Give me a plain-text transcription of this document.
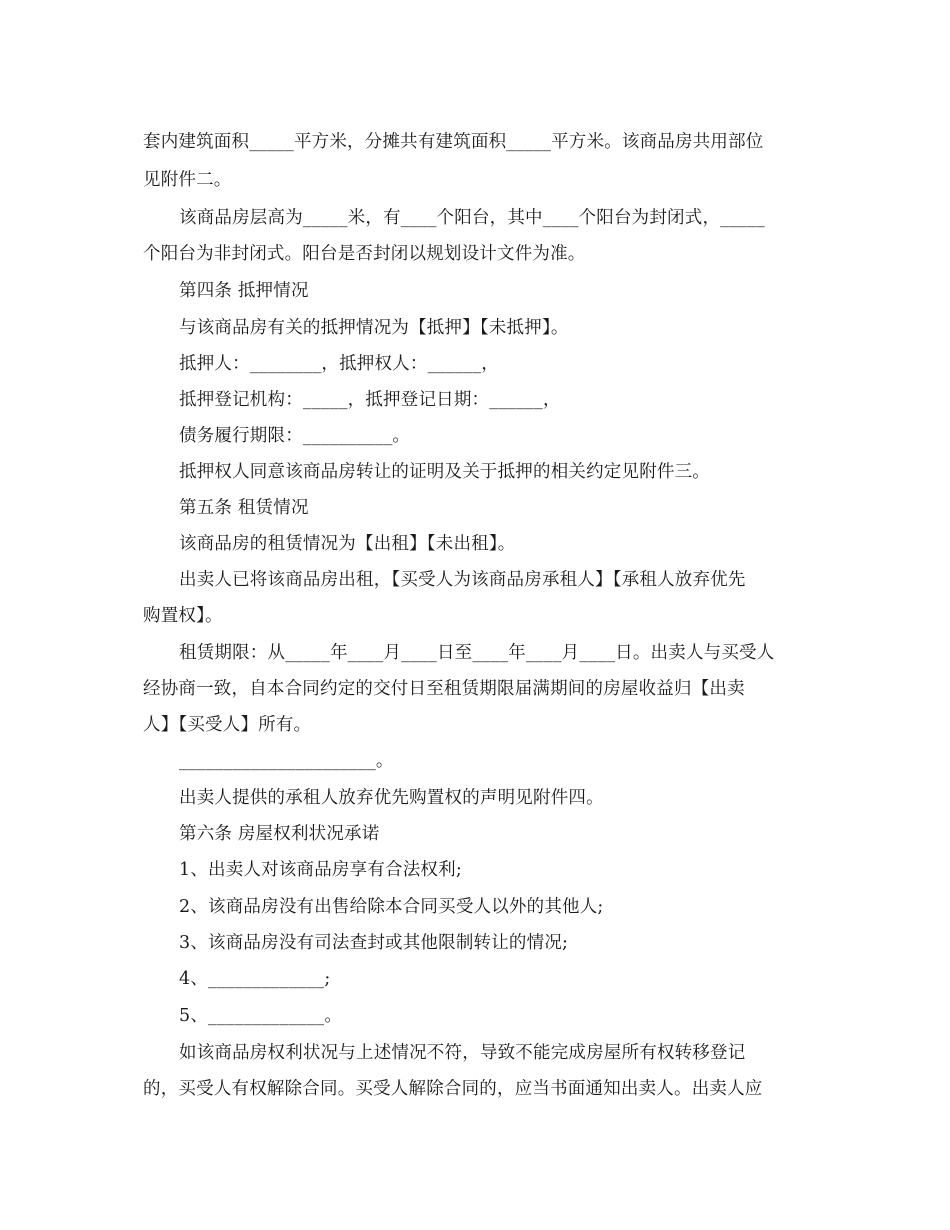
套内建筑面积_____平方米，分摊共有建筑面积_____平方米。该商品房共用部位
见附件二。
该商品房层高为_____米，有____个阳台，其中____个阳台为封闭式，_____
个阳台为非封闭式。阳台是否封闭以规划设计文件为准。
第四条 抵押情况
与该商品房有关的抵押情况为【抵押】【未抵押】。
抵押人：________，抵押权人：______，
抵押登记机构：_____，抵押登记日期：______，
债务履行期限：__________。
抵押权人同意该商品房转让的证明及关于抵押的相关约定见附件三。
第五条 租赁情况
该商品房的租赁情况为【出租】【未出租】。
出卖人已将该商品房出租，【买受人为该商品房承租人】【承租人放弃优先
购置权】。
租赁期限：从_____年____月____日至____年____月____日。出卖人与买受人
经协商一致，自本合同约定的交付日至租赁期限届满期间的房屋收益归【出卖
人】【买受人】所有。
______________________。
出卖人提供的承租人放弃优先购置权的声明见附件四。
第六条 房屋权利状况承诺
1、出卖人对该商品房享有合法权利;
2、该商品房没有出售给除本合同买受人以外的其他人;
3、该商品房没有司法查封或其他限制转让的情况;
4、_____________;
5、_____________。
如该商品房权利状况与上述情况不符，导致不能完成房屋所有权转移登记
的，买受人有权解除合同。买受人解除合同的，应当书面通知出卖人。出卖人应
